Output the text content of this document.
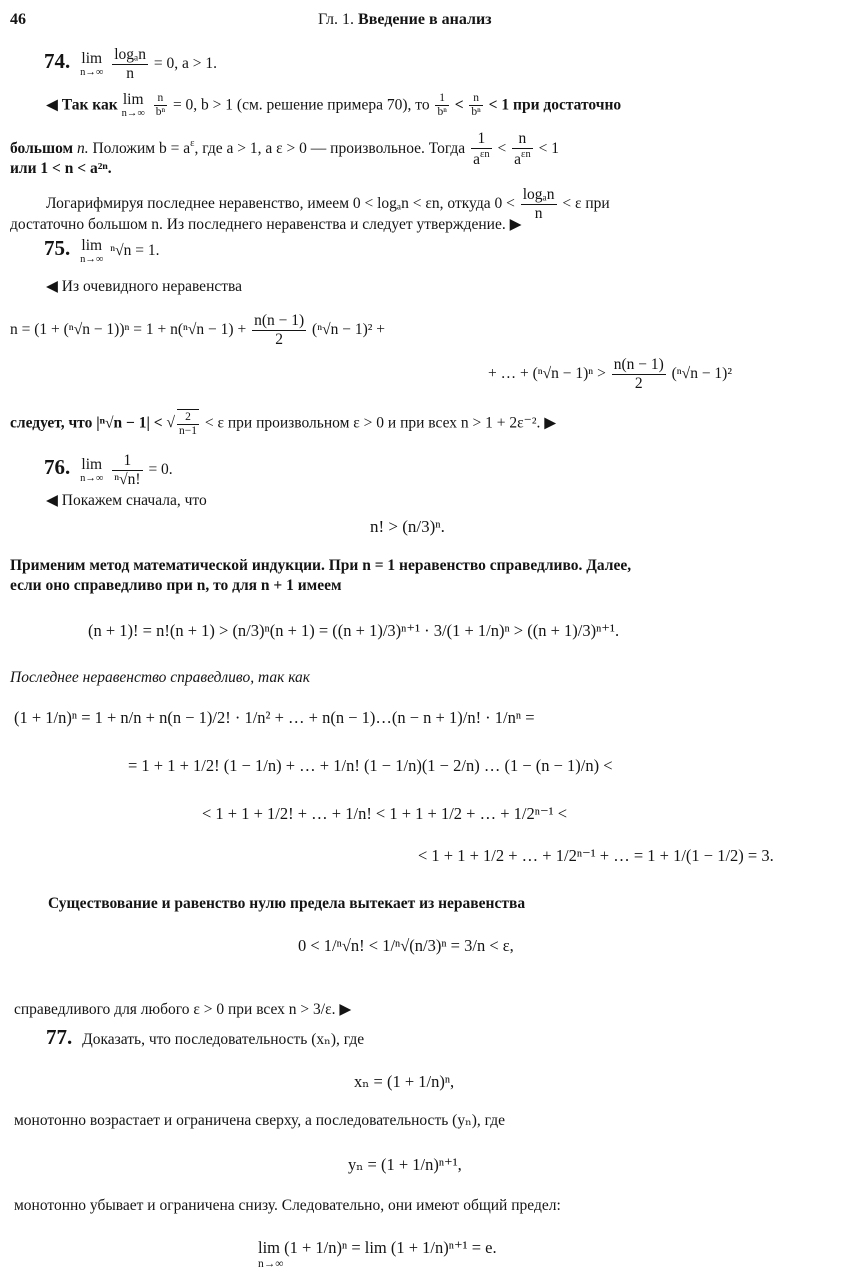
46	Гл. 1. Введение в анализ
74. lim
n→∞
$\frac{\text{logₐn}}{n} = 0$, a > 1.
◀ Так как lim
n→∞
$\frac{n}{\text{bⁿ}} = 0$, b > 1 (см. решение примера 70), то $\frac{1}{\text{bⁿ}} < \frac{n}{\text{bⁿ}} < 1$ при достаточно
большом n. Положим $b = a^\varepsilon$, где a > 1, а ε > 0 — произвольное. Тогда
1
$a^{\varepsilon n}$ <
n
$a^{\varepsilon n} < 1$
или 1 < n < a²ⁿ.
Логарифмируя последнее неравенство, имеем 0 < logₐn < εn, откуда $0 < \frac{\text{logₐn}}{n} < \varepsilon$ при
достаточно большом n. Из последнего неравенства и следует утверждение. ▶
75. lim
n→∞
ⁿ√n = 1.
◀ Из очевидного неравенства
$n = (1 + (^n√n - 1))^n = 1 + n(^n√n - 1) + \frac{n(n - 1)}{2} (^n√n - 1)^2$ +
+ … + $(^n√n - 1)^n > \frac{n(n - 1)}{2} (^n√n - 1)^2$
следует, что |ⁿ√n − 1| < √ $\frac{2}{n-1} < \varepsilon$ при произвольном ε > 0 и при всех n > 1 + 2ε⁻². ▶
76. lim
n→∞
$\frac{1}{\text{ⁿ√n!}} = 0$.
◀ Покажем сначала, что
n! > (n/3)ⁿ.
Применим метод математической индукции. При n = 1 неравенство справедливо. Далее,
если оно справедливо при n, то для n + 1 имеем
(n + 1)! = n!(n + 1) > (n/3)ⁿ(n + 1) = ((n + 1)/3)ⁿ⁺¹ · 3/(1 + 1/n)ⁿ > ((n + 1)/3)ⁿ⁺¹.
Последнее неравенство справедливо, так как
(1 + 1/n)ⁿ = 1 + n/n + n(n − 1)/2! · 1/n² + … + n(n − 1)…(n − n + 1)/n! · 1/nⁿ =
= 1 + 1 + 1/2! (1 − 1/n) + … + 1/n! (1 − 1/n)(1 − 2/n) … (1 − (n − 1)/n) <
< 1 + 1 + 1/2! + … + 1/n! < 1 + 1 + 1/2 + … + 1/2ⁿ⁻¹ <
< 1 + 1 + 1/2 + … + 1/2ⁿ⁻¹ + … = 1 + 1/(1 − 1/2) = 3.
Существование и равенство нулю предела вытекает из неравенства
0 < 1/ⁿ√n! < 1/ⁿ√(n/3)ⁿ = 3/n < ε,
справедливого для любого ε > 0 при всех n > 3/ε. ▶
77. Доказать, что последовательность (xₙ), где
xₙ = (1 + 1/n)ⁿ,
монотонно возрастает и ограничена сверху, а последовательность (yₙ), где
yₙ = (1 + 1/n)ⁿ⁺¹,
монотонно убывает и ограничена снизу. Следовательно, они имеют общий предел:
lim (1 + 1/n)ⁿ = lim (1 + 1/n)ⁿ⁺¹ = e.
n→∞
